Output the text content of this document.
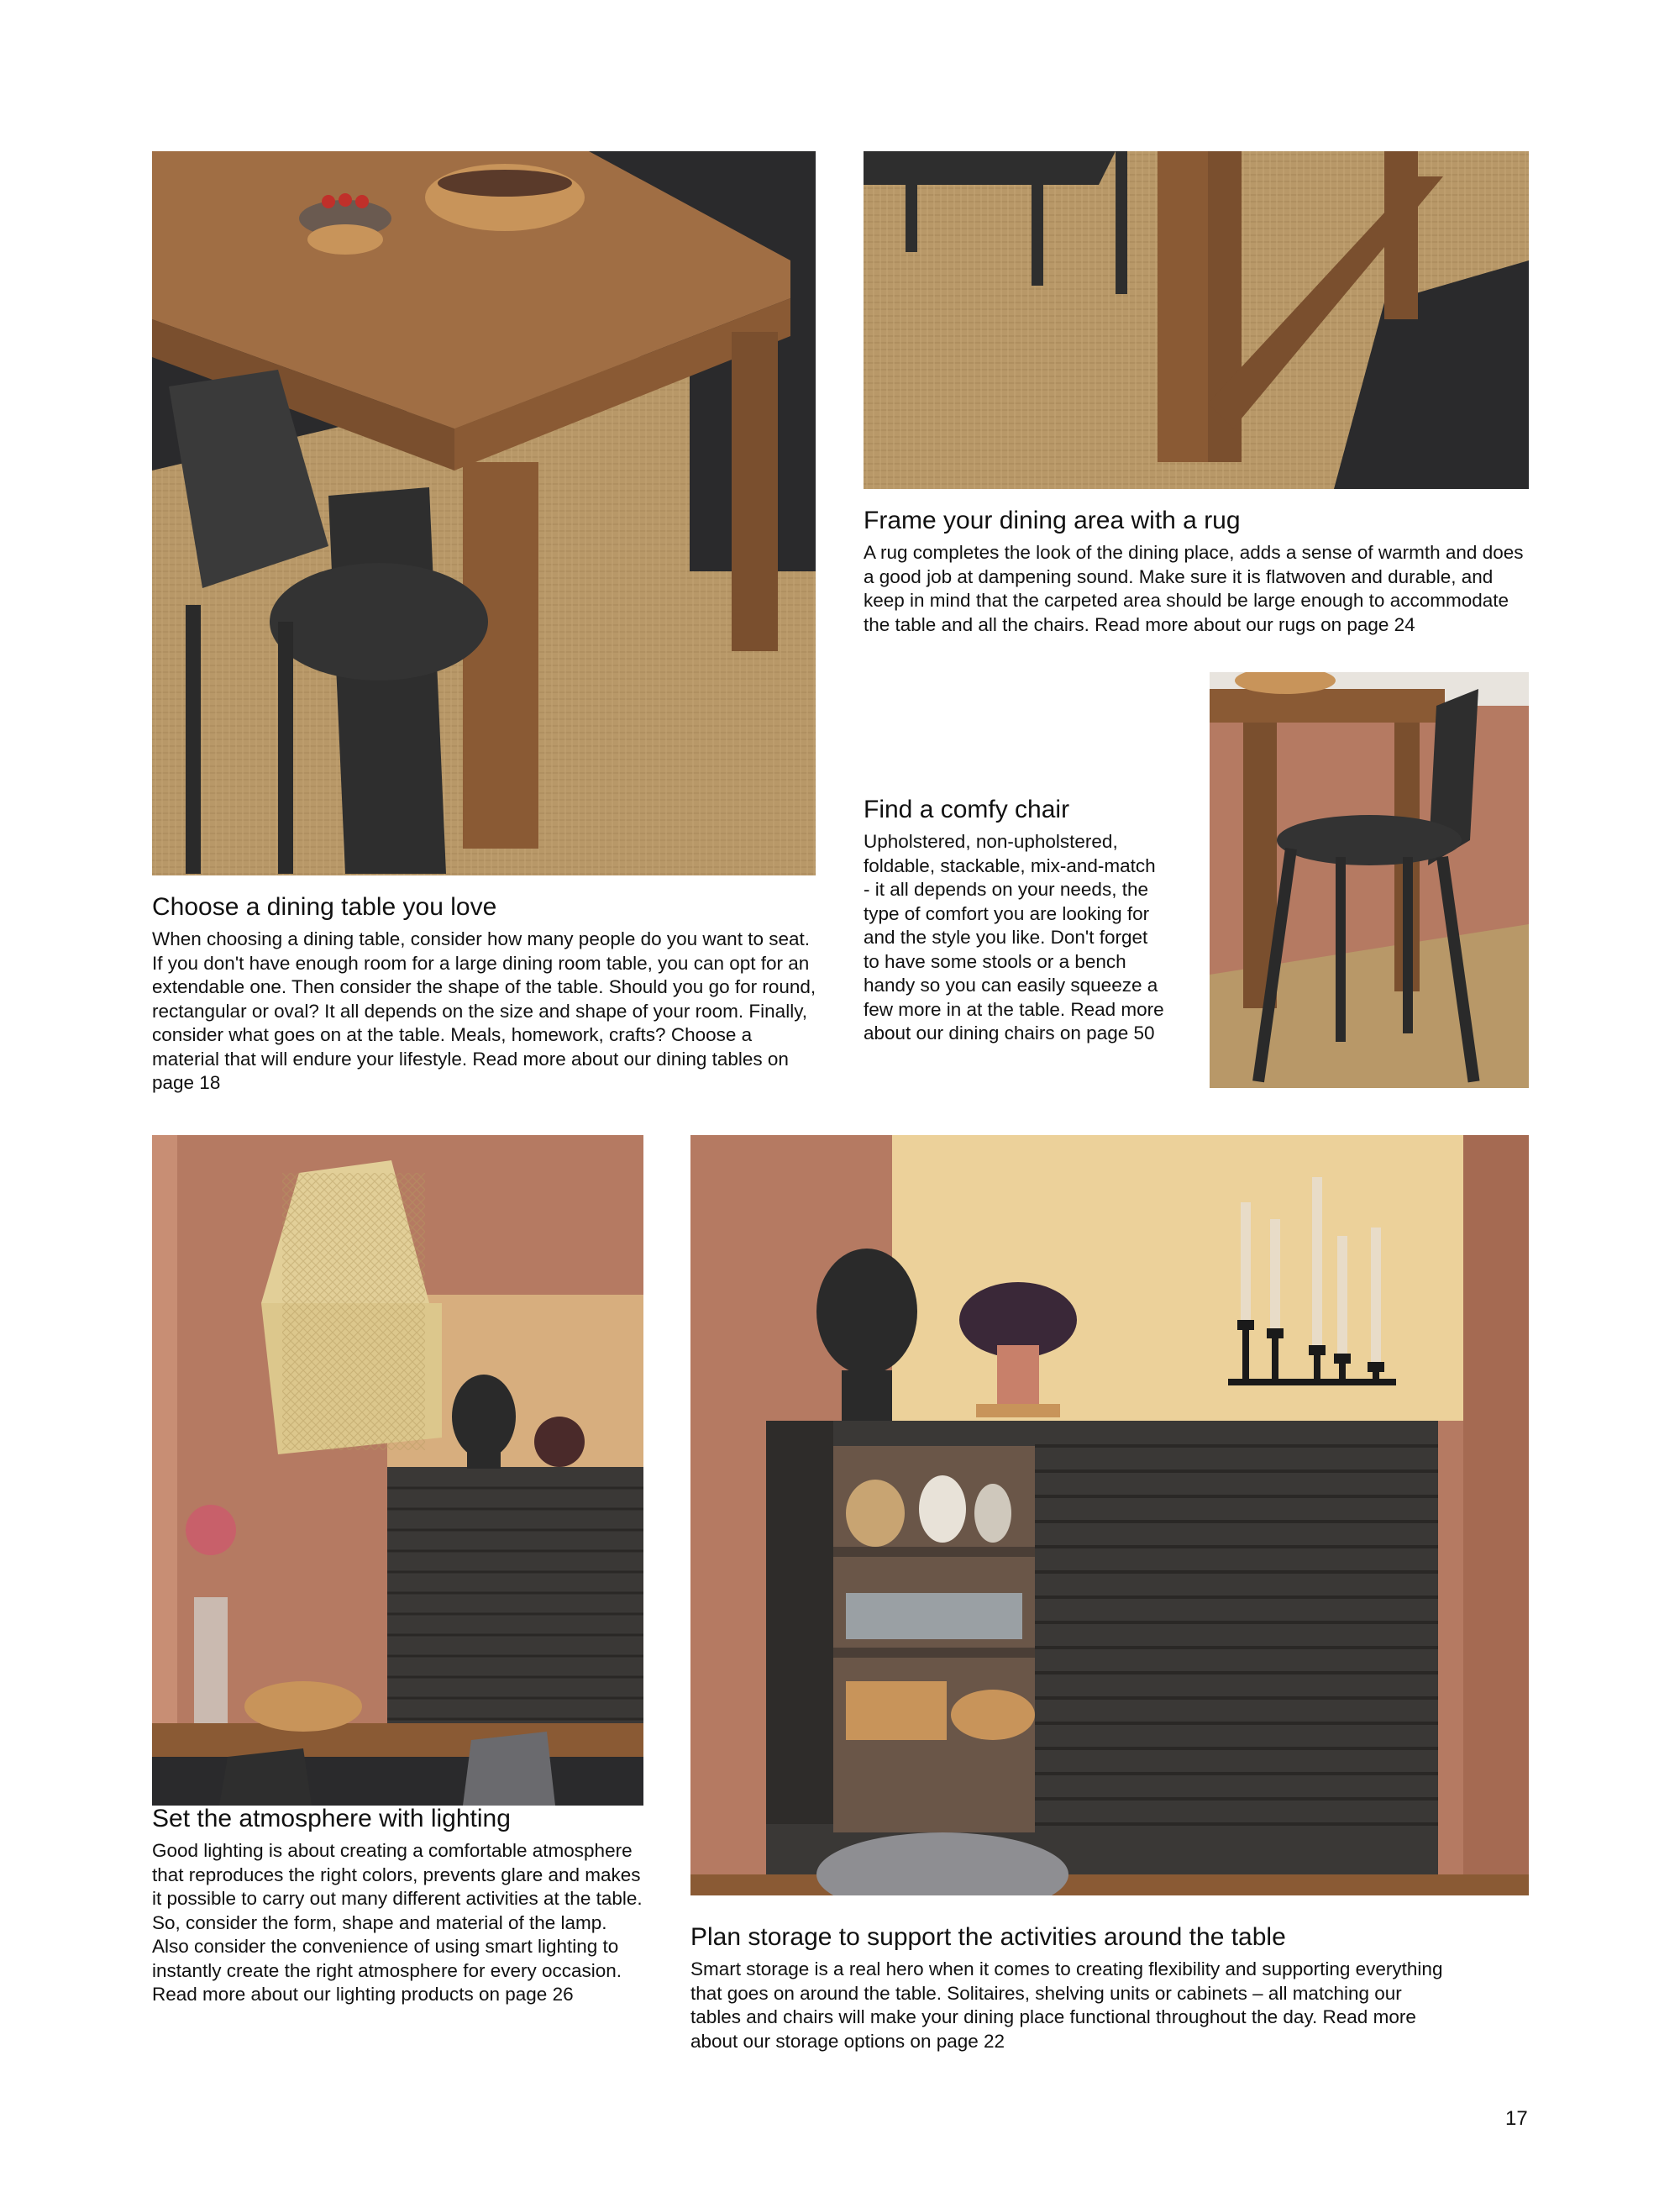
Choose a dining table you love

When choosing a dining table, consider how many people do you want to seat. If you don't have enough room for a large dining room table, you can opt for an extendable one. Then consider the shape of the table. Should you go for round, rectangular or oval? It all depends on the size and shape of your room. Finally, consider what goes on at the table. Meals, homework, crafts? Choose a material that will endure your lifestyle. Read more about our dining tables on page 18

Frame your dining area with a rug

A rug completes the look of the dining place, adds a sense of warmth and does a good job at dampening sound. Make sure it is flatwoven and durable, and keep in mind that the carpeted area should be large enough to accommodate the table and all the chairs. Read more about our rugs on page 24

Find a comfy chair

Upholstered, non-upholstered, foldable, stackable, mix-and-match - it all depends on your needs, the type of comfort you are looking for and the style you like. Don't forget to have some stools or a bench handy so you can easily squeeze a few more in at the table. Read more about our dining chairs on page 50

Set the atmosphere with lighting

Good lighting is about creating a comfortable atmosphere that reproduces the right colors, prevents glare and makes it possible to carry out many different activities at the table. So, consider the form, shape and material of the lamp. Also consider the convenience of using smart lighting to instantly create the right atmosphere for every occasion. Read more about our lighting products on page 26

Plan storage to support the activities around the table

Smart storage is a real hero when it comes to creating flexibility and supporting everything that goes on around the table. Solitaires, shelving units or cabinets – all matching our tables and chairs will make your dining place functional throughout the day. Read more about our storage options on page 22

17
